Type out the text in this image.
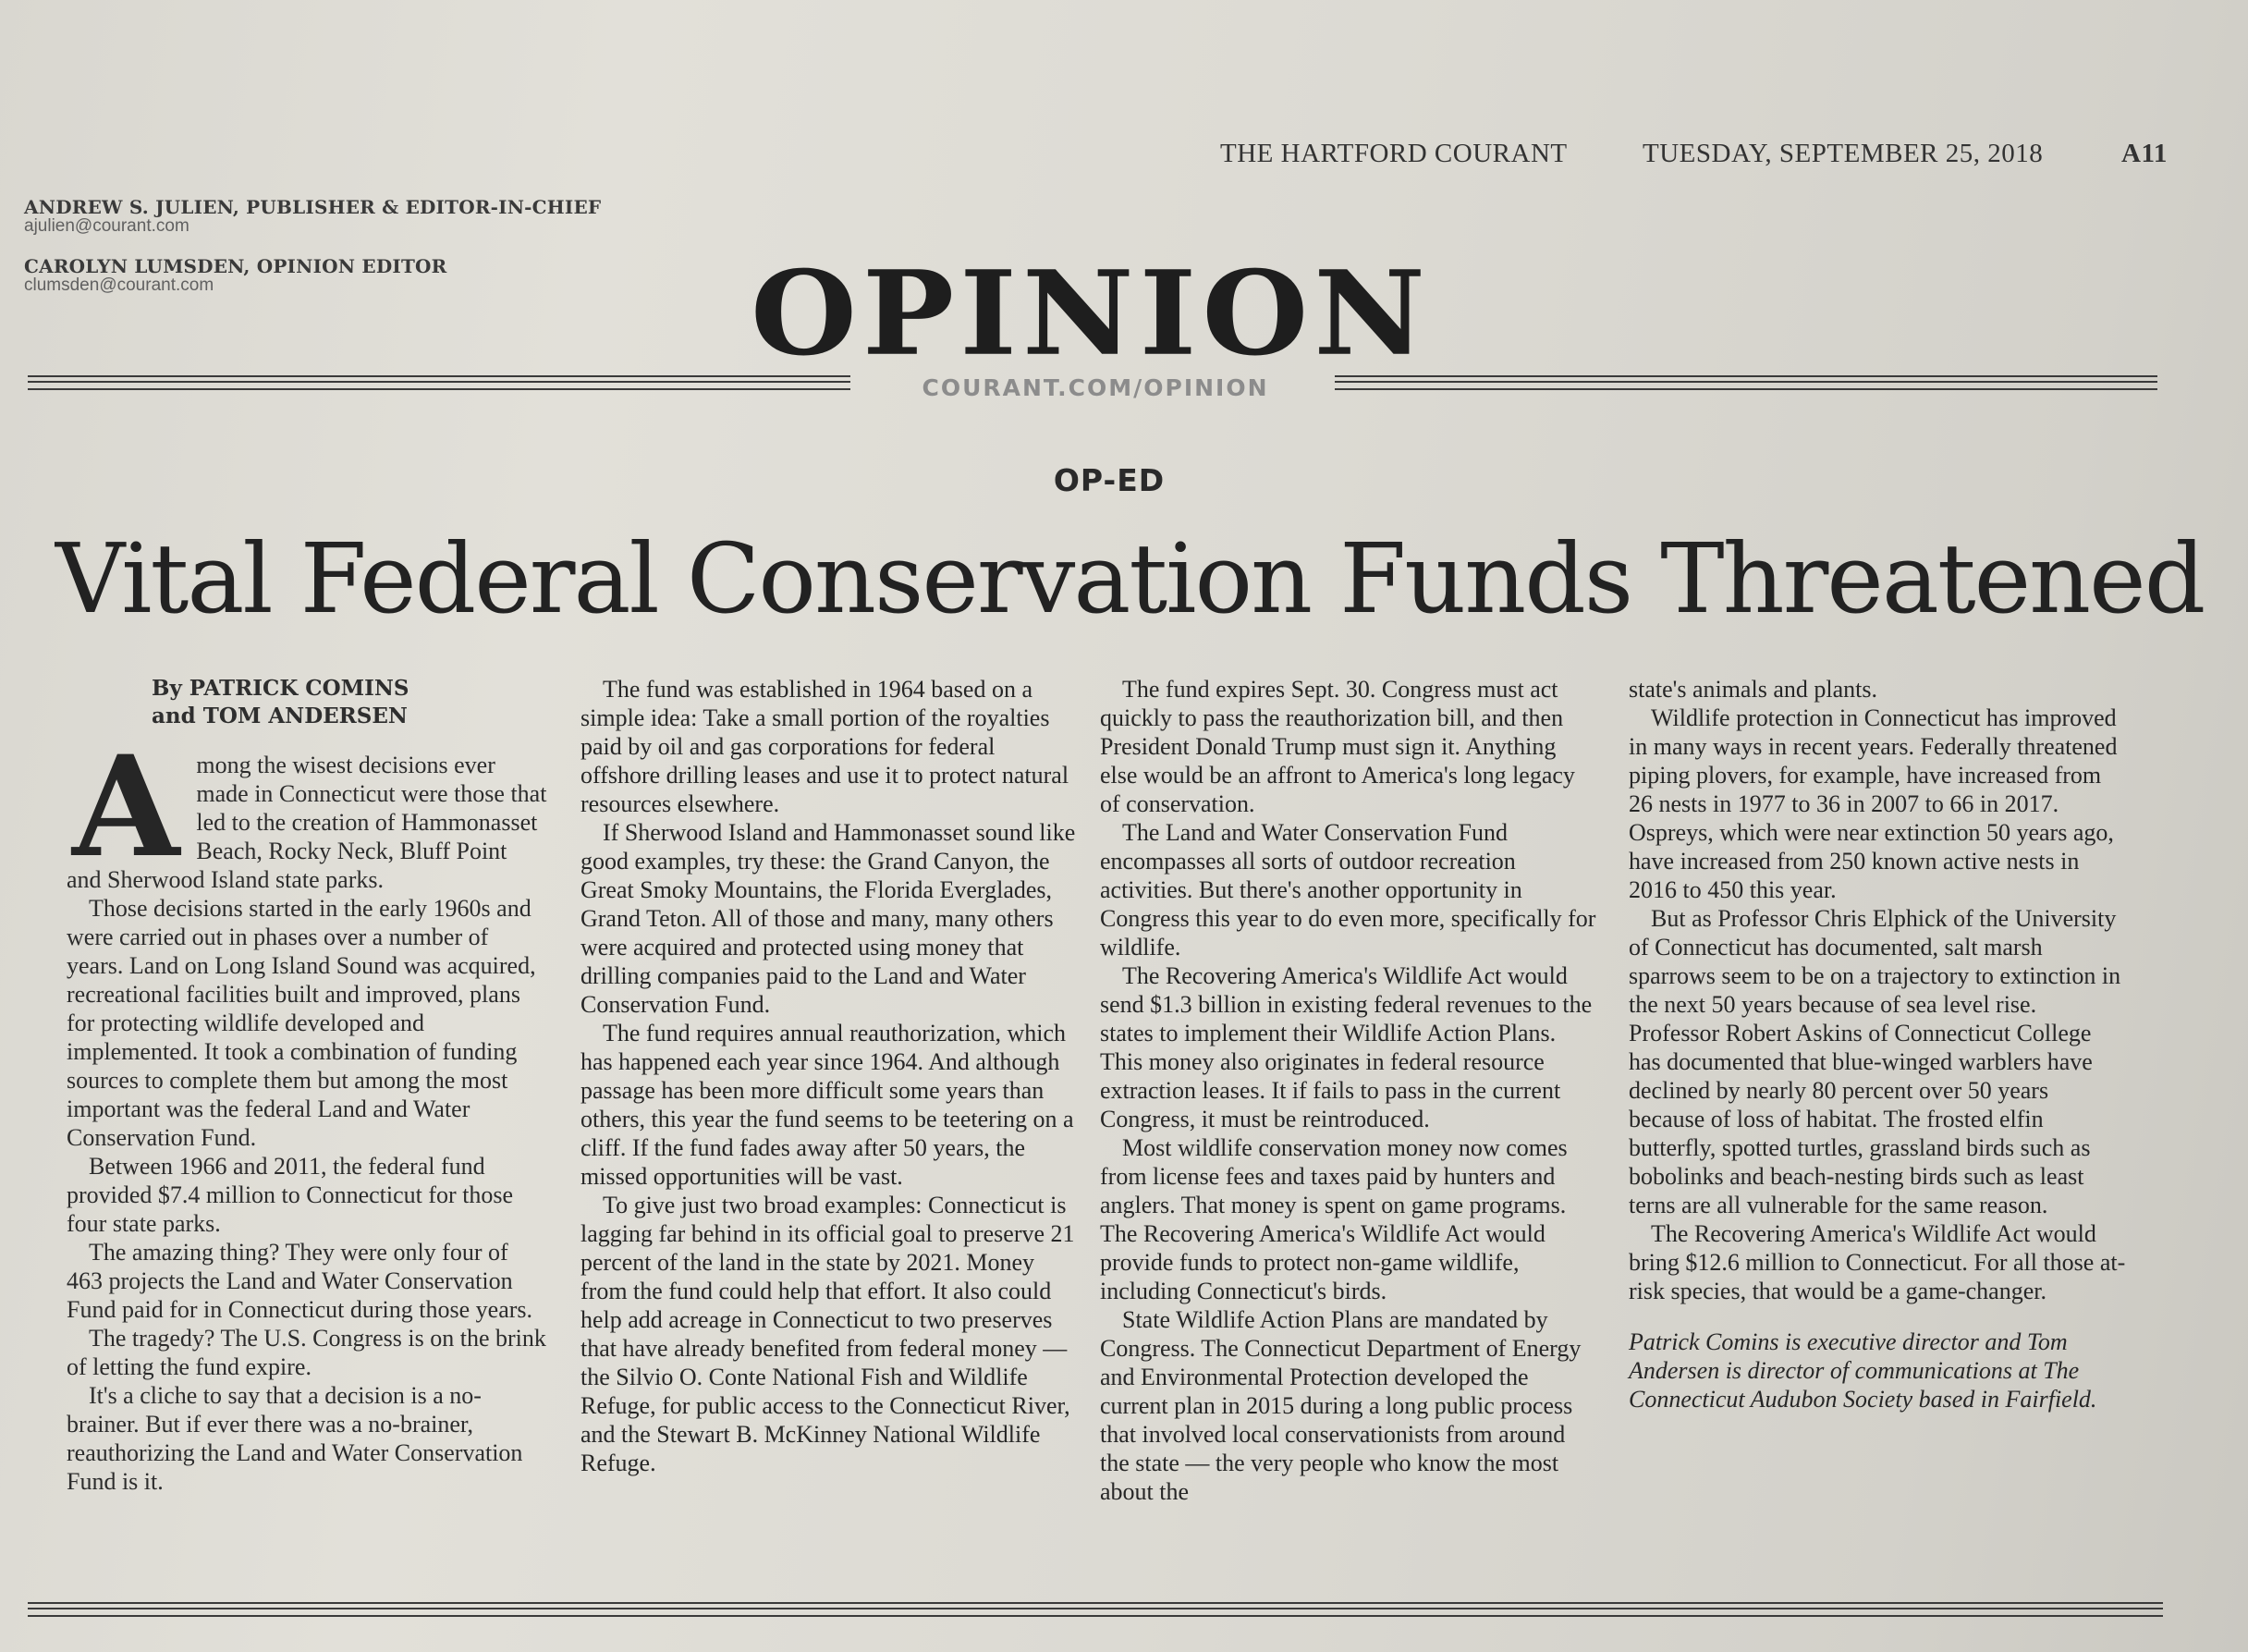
THE HARTFORD COURANT	TUESDAY, SEPTEMBER 25, 2018	A11
ANDREW S. JULIEN, PUBLISHER & EDITOR-IN-CHIEF
ajulien@courant.com
CAROLYN LUMSDEN, OPINION EDITOR
clumsden@courant.com	OPINION
COURANT.COM/OPINION
OP-ED
Vital Federal Conservation Funds Threatened
By PATRICK COMINS
and TOM ANDERSEN
A mong the wisest decisions ever made in Connecticut were those that led to the creation of Hammonasset Beach, Rocky Neck, Bluff Point and Sherwood Island state parks.

Those decisions started in the early 1960s and were carried out in phases over a number of years. Land on Long Island Sound was acquired, recreational facilities built and improved, plans for protecting wildlife developed and implemented. It took a combination of funding sources to complete them but among the most important was the federal Land and Water Conservation Fund.

Between 1966 and 2011, the federal fund provided $7.4 million to Connecticut for those four state parks.

The amazing thing? They were only four of 463 projects the Land and Water Conservation Fund paid for in Connecticut during those years.

The tragedy? The U.S. Congress is on the brink of letting the fund expire.

It's a cliche to say that a decision is a no-brainer. But if ever there was a no-brainer, reauthorizing the Land and Water Conservation Fund is it.

The fund was established in 1964 based on a simple idea: Take a small portion of the royalties paid by oil and gas corporations for federal offshore drilling leases and use it to protect natural resources elsewhere.

If Sherwood Island and Hammonasset sound like good examples, try these: the Grand Canyon, the Great Smoky Mountains, the Florida Everglades, Grand Teton. All of those and many, many others were acquired and protected using money that drilling companies paid to the Land and Water Conservation Fund.

The fund requires annual reauthorization, which has happened each year since 1964. And although passage has been more difficult some years than others, this year the fund seems to be teetering on a cliff. If the fund fades away after 50 years, the missed opportunities will be vast.

To give just two broad examples: Connecticut is lagging far behind in its official goal to preserve 21 percent of the land in the state by 2021. Money from the fund could help that effort. It also could help add acreage in Connecticut to two preserves that have already benefited from federal money — the Silvio O. Conte National Fish and Wildlife Refuge, for public access to the Connecticut River, and the Stewart B. McKinney National Wildlife Refuge.

The fund expires Sept. 30. Congress must act quickly to pass the reauthorization bill, and then President Donald Trump must sign it. Anything else would be an affront to America's long legacy of conservation.

The Land and Water Conservation Fund encompasses all sorts of outdoor recreation activities. But there's another opportunity in Congress this year to do even more, specifically for wildlife.

The Recovering America's Wildlife Act would send $1.3 billion in existing federal revenues to the states to implement their Wildlife Action Plans. This money also originates in federal resource extraction leases. It if fails to pass in the current Congress, it must be reintroduced.

Most wildlife conservation money now comes from license fees and taxes paid by hunters and anglers. That money is spent on game programs. The Recovering America's Wildlife Act would provide funds to protect non-game wildlife, including Connecticut's birds.

State Wildlife Action Plans are mandated by Congress. The Connecticut Department of Energy and Environmental Protection developed the current plan in 2015 during a long public process that involved local conservationists from around the state — the very people who know the most about the

state's animals and plants.

Wildlife protection in Connecticut has improved in many ways in recent years. Federally threatened piping plovers, for example, have increased from 26 nests in 1977 to 36 in 2007 to 66 in 2017. Ospreys, which were near extinction 50 years ago, have increased from 250 known active nests in 2016 to 450 this year.

But as Professor Chris Elphick of the University of Connecticut has documented, salt marsh sparrows seem to be on a trajectory to extinction in the next 50 years because of sea level rise. Professor Robert Askins of Connecticut College has documented that blue-winged warblers have declined by nearly 80 percent over 50 years because of loss of habitat. The frosted elfin butterfly, spotted turtles, grassland birds such as bobolinks and beach-nesting birds such as least terns are all vulnerable for the same reason.

The Recovering America's Wildlife Act would bring $12.6 million to Connecticut. For all those at-risk species, that would be a game-changer.

Patrick Comins is executive director and Tom Andersen is director of communications at The Connecticut Audubon Society based in Fairfield.
